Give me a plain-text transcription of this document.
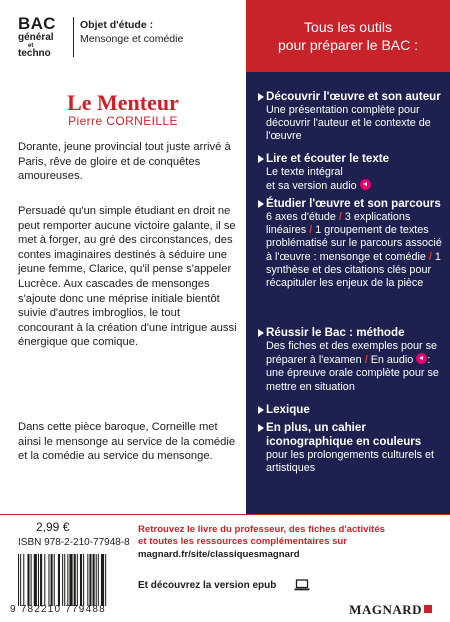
BAC
général
et
techno
Objet d'étude :
Mensonge et comédie
Tous les outils
pour préparer le BAC :
Le Menteur
Pierre CORNEILLE
Dorante, jeune provincial tout juste arrivé à Paris, rêve de gloire et de conquêtes amoureuses.
Persuadé qu'un simple étudiant en droit ne peut remporter aucune victoire galante, il se met à forger, au gré des circonstances, des contes imaginaires destinés à séduire une jeune femme, Clarice, qu'il pense s'appeler Lucrèce. Aux cascades de mensonges s'ajoute donc une méprise initiale bientôt suivie d'autres imbroglios, le tout concourant à la création d'une intrigue aussi énergique que comique.
Dans cette pièce baroque, Corneille met ainsi le mensonge au service de la comédie et la comédie au service du mensonge.
Découvrir l'œuvre et son auteur
Une présentation complète pour découvrir l'auteur et le contexte de l'œuvre
Lire et écouter le texte
Le texte intégral
et sa version audio
Étudier l'œuvre et son parcours
6 axes d'étude / 3 explications linéaires / 1 groupement de textes problématisé sur le parcours associé à l'œuvre : mensonge et comédie / 1 synthèse et des citations clés pour récapituler les enjeux de la pièce
Réussir le Bac : méthode
Des fiches et des exemples pour se préparer à l'examen / En audio : une épreuve orale complète pour se mettre en situation
Lexique
En plus, un cahier iconographique en couleurs
pour les prolongements culturels et artistiques
2,99 €
ISBN 978-2-210-77948-8
9 782210 779488
Retrouvez le livre du professeur, des fiches d'activités
et toutes les ressources complémentaires sur
magnard.fr/site/classiquesmagnard
Et découvrez la version epub
MAGNARD
